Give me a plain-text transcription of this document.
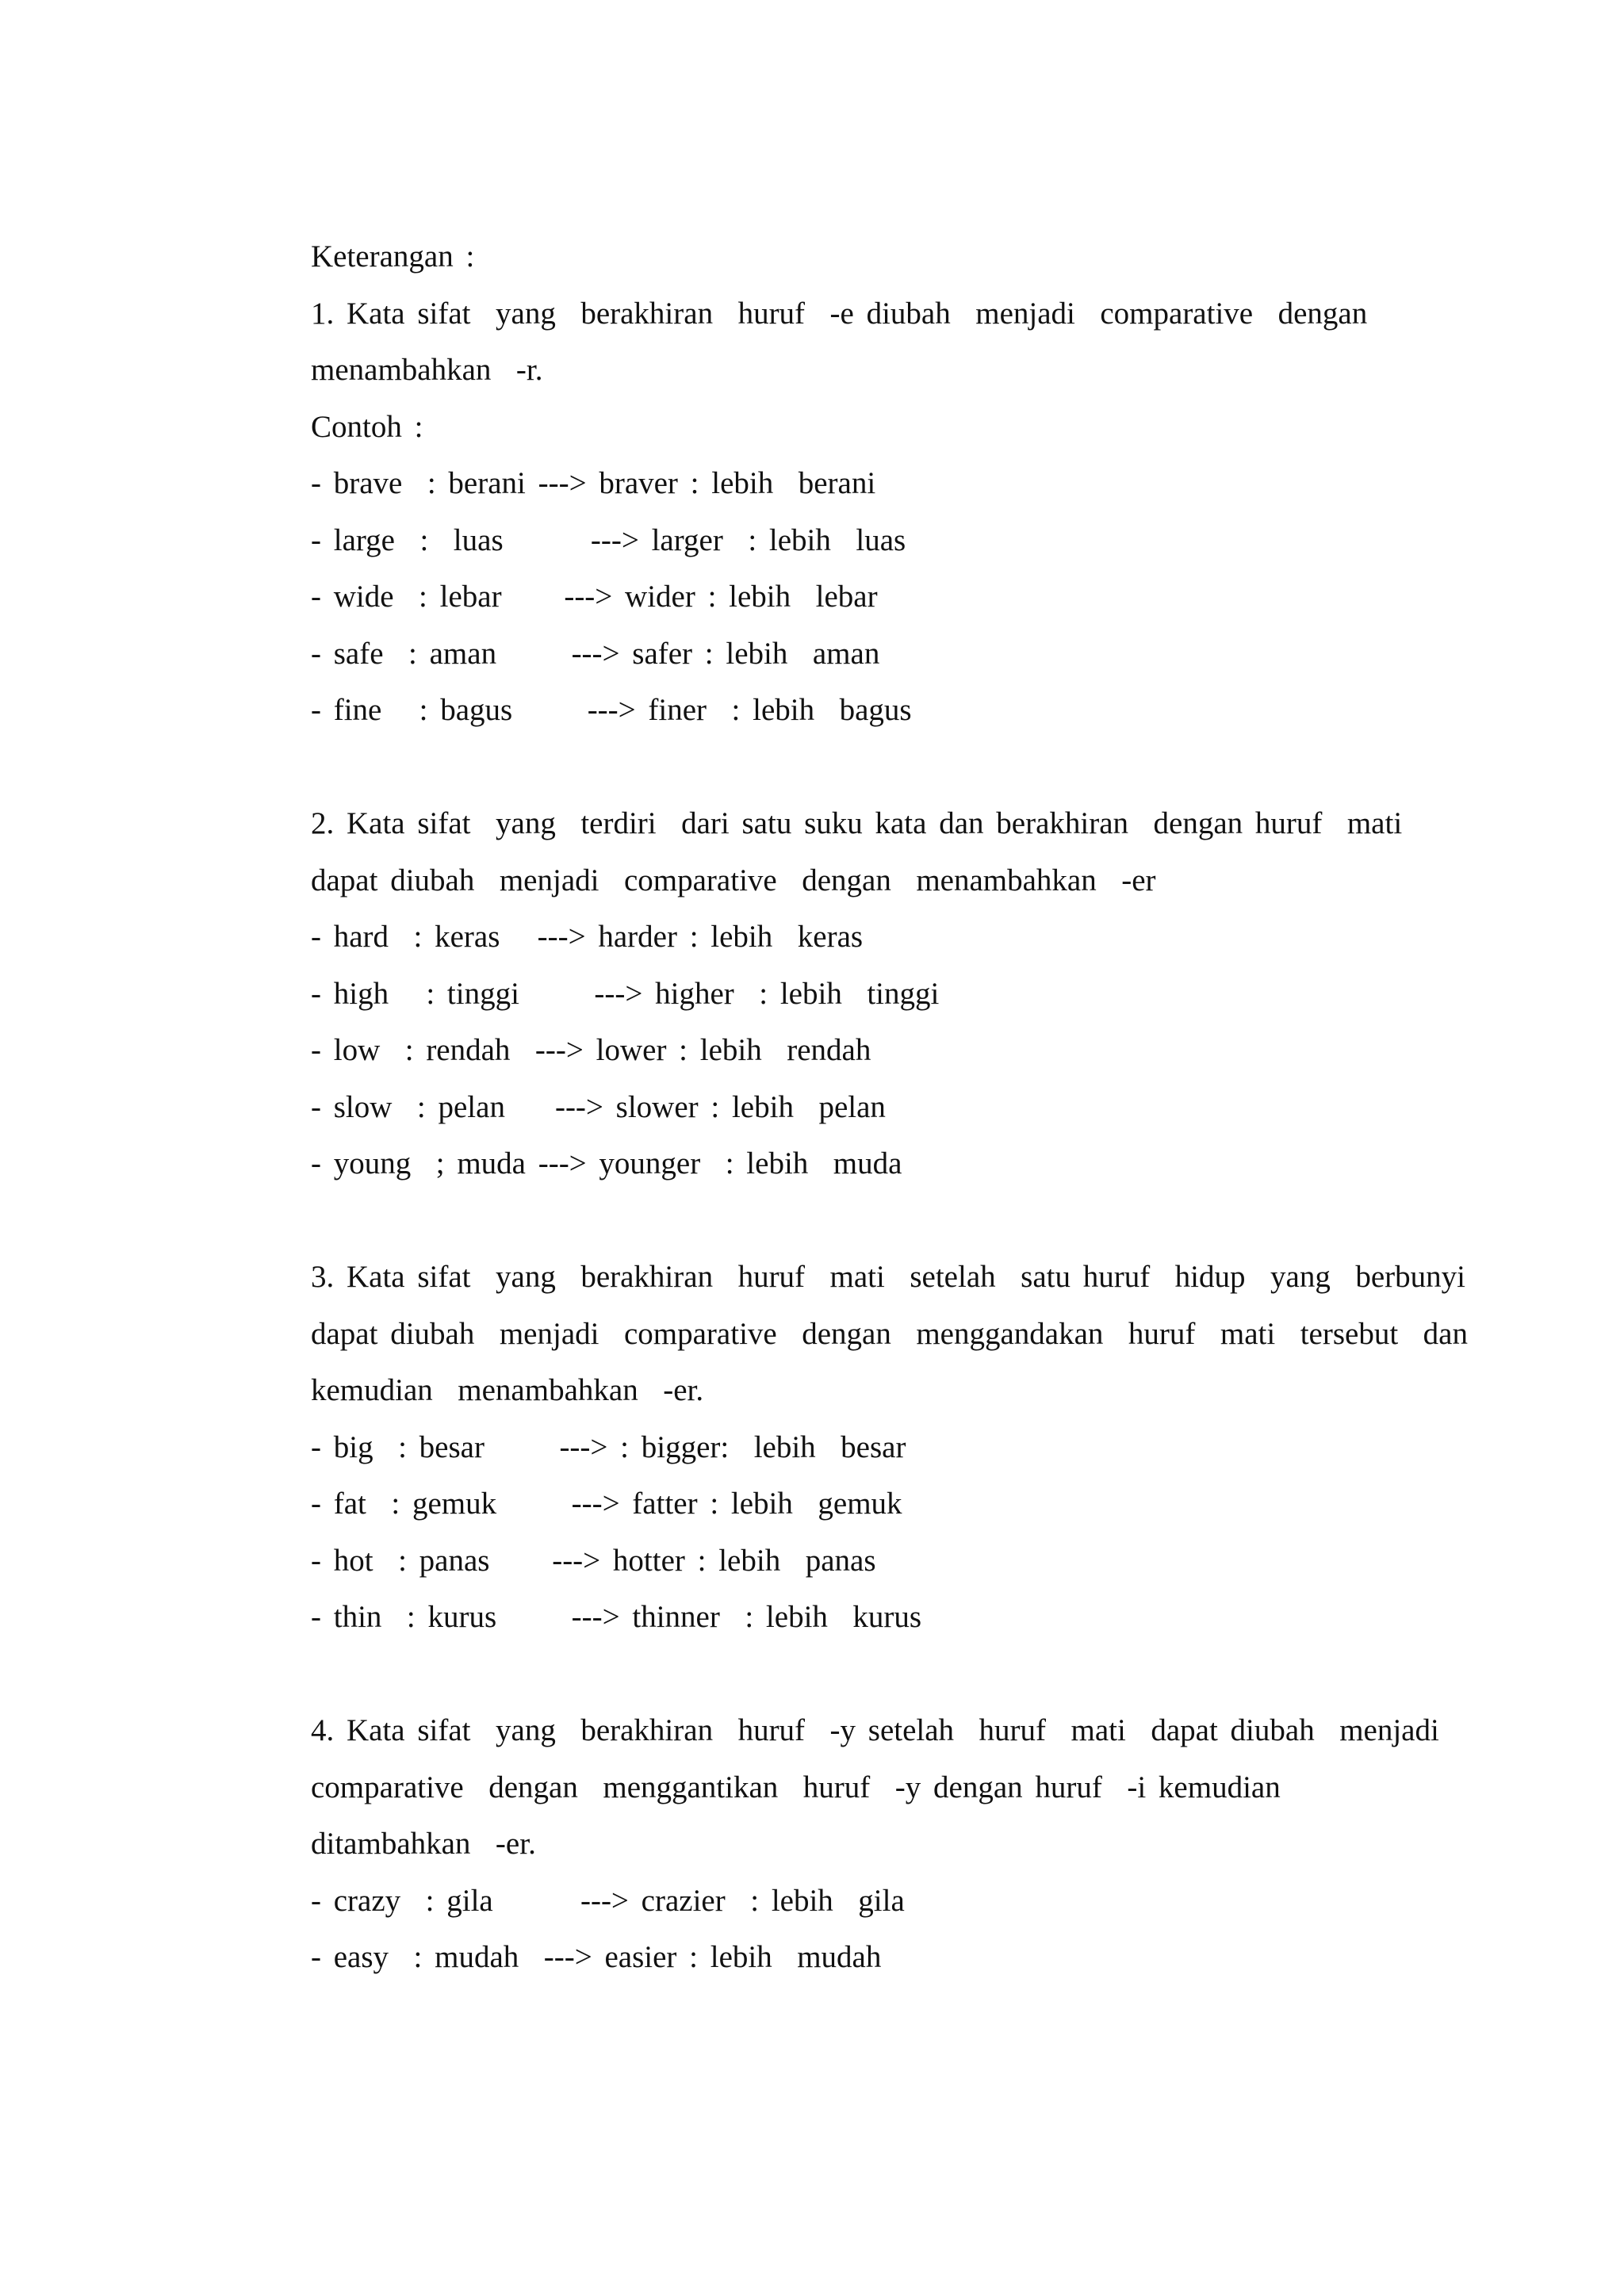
Keterangan :
1. Kata sifat  yang  berakhiran  huruf  -e diubah  menjadi  comparative  dengan
menambahkan  -r.
Contoh :
- brave  : berani ---> braver : lebih  berani
- large  :  luas       ---> larger  : lebih  luas
- wide  : lebar     ---> wider : lebih  lebar
- safe  : aman      ---> safer : lebih  aman
- fine   : bagus      ---> finer  : lebih  bagus
2. Kata sifat  yang  terdiri  dari satu suku kata dan berakhiran  dengan huruf  mati
dapat diubah  menjadi  comparative  dengan  menambahkan  -er
- hard  : keras   ---> harder : lebih  keras
- high   : tinggi      ---> higher  : lebih  tinggi
- low  : rendah  ---> lower : lebih  rendah
- slow  : pelan    ---> slower : lebih  pelan
- young  ; muda ---> younger  : lebih  muda
3. Kata sifat  yang  berakhiran  huruf  mati  setelah  satu huruf  hidup  yang  berbunyi
dapat diubah  menjadi  comparative  dengan  menggandakan  huruf  mati  tersebut  dan
kemudian  menambahkan  -er.
- big  : besar      ---> : bigger:  lebih  besar
- fat  : gemuk      ---> fatter : lebih  gemuk
- hot  : panas     ---> hotter : lebih  panas
- thin  : kurus      ---> thinner  : lebih  kurus
4. Kata sifat  yang  berakhiran  huruf  -y setelah  huruf  mati  dapat diubah  menjadi
comparative  dengan  menggantikan  huruf  -y dengan huruf  -i kemudian
ditambahkan  -er.
- crazy  : gila       ---> crazier  : lebih  gila
- easy  : mudah  ---> easier : lebih  mudah
